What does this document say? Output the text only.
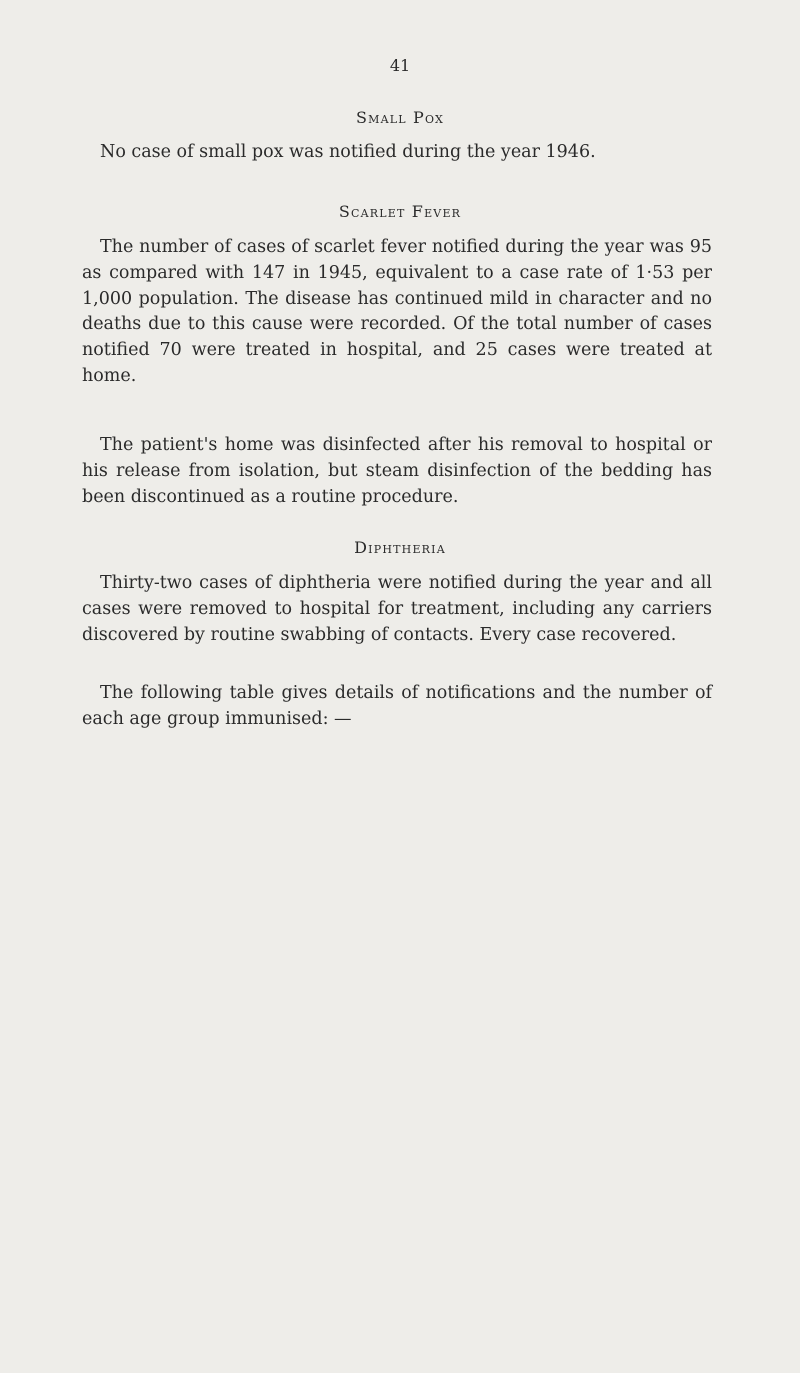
41
Small Pox

No case of small pox was notified during the year 1946.

Scarlet Fever

The number of cases of scarlet fever notified during the year was 95 as compared with 147 in 1945, equivalent to a case rate of 1·53 per 1,000 population. The disease has continued mild in character and no deaths due to this cause were recorded. Of the total number of cases notified 70 were treated in hospital, and 25 cases were treated at home.

The patient's home was disinfected after his removal to hospital or his release from isolation, but steam disinfection of the bedding has been discontinued as a routine procedure.

Diphtheria

Thirty-two cases of diphtheria were notified during the year and all cases were removed to hospital for treatment, including any carriers discovered by routine swabbing of contacts. Every case recovered.

The following table gives details of notifications and the number of each age group immunised: —
